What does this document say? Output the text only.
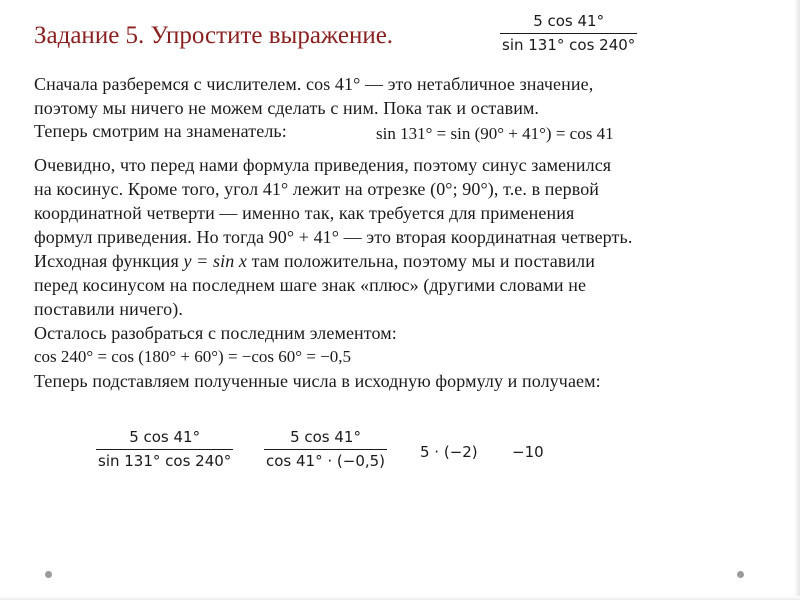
Задание 5. Упростите выражение.
5 cos 41°
sin 131° cos 240°
Сначала разберемся с числителем. cos 41° — это нетабличное значение,
поэтому мы ничего не можем сделать с ним. Пока так и оставим.
Теперь смотрим на знаменатель:	sin 131° = sin (90° + 41°) = cos 41
Очевидно, что перед нами формула приведения, поэтому синус заменился
на косинус. Кроме того, угол 41° лежит на отрезке (0°; 90°), т.е. в первой
координатной четверти — именно так, как требуется для применения
формул приведения. Но тогда 90° + 41° — это вторая координатная четверть.
Исходная функция y = sin x там положительна, поэтому мы и поставили
перед косинусом на последнем шаге знак «плюс» (другими словами не
поставили ничего).
Осталось разобраться с последним элементом:
cos 240° = cos (180° + 60°) = −cos 60° = −0,5
Теперь подставляем полученные числа в исходную формулу и получаем:
5 cos 41°
sin 131° cos 240°
5 cos 41°
cos 41° · (−0,5) 5 · (−2) −10
